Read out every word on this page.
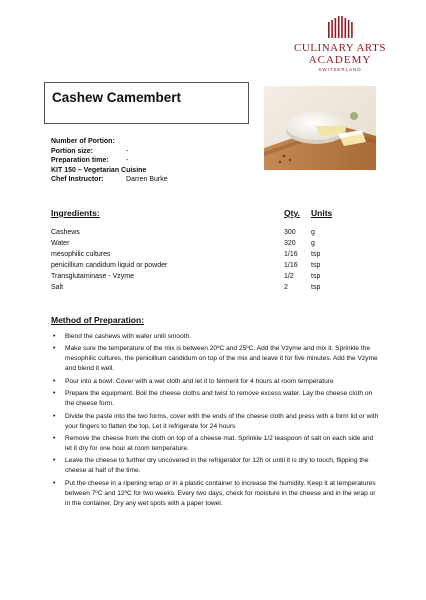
CULINARY ARTS
ACADEMY
SWITZERLAND
Cashew Camembert
Number of Portion:
Portion size:	-
Preparation time: -
KIT 150 – Vegetarian Cuisine
Chef Instructor:	Darren Burke
Ingredients:	Qty. Units
Cashews	300 g
Water	320 g
mesophilic cultures	1/16 tsp
penicillium candidum liquid or powder	1/16 tsp
Transglutaminase - Vzyme	1/2 tsp
Salt	2	tsp
Method of Preparation:
• Blend the cashews with water until smooth.
• Make sure the temperature of the mix is between 20ºC and 25ºC. Add the Vzyme and mix it. Sprinkle the mesophilic cultures, the penicillium candidum on top of the mix and leave it for five minutes. Add the Vzyme and blend it well.
• Pour into a bowl. Cover with a wet cloth and let it to ferment for 4 hours at room temperature
• Prepare the equipment. Boil the cheese cloths and twist to remove excess water. Lay the cheese cloth on the cheese form.
• Divide the paste into the two forms, cover with the ends of the cheese cloth and press with a form lid or with your fingers to flatten the top. Let it refrigerate for 24 hours
• Remove the cheese from the cloth on top of a cheese mat. Sprinkle 1/2 teaspoon of salt on each side and let it dry for one hour at room temperature.
• Leave the cheese to further dry uncovered in the refrigerator for 12h or until it is dry to touch, flipping the cheese at half of the time.
• Put the cheese in a ripening wrap or in a plastic container to increase the humidity. Keep it at temperatures between 7ºC and 12ºC for two weeks. Every two days, check for moisture in the cheese and in the wrap or in the container. Dry any wet spots with a paper towel.
